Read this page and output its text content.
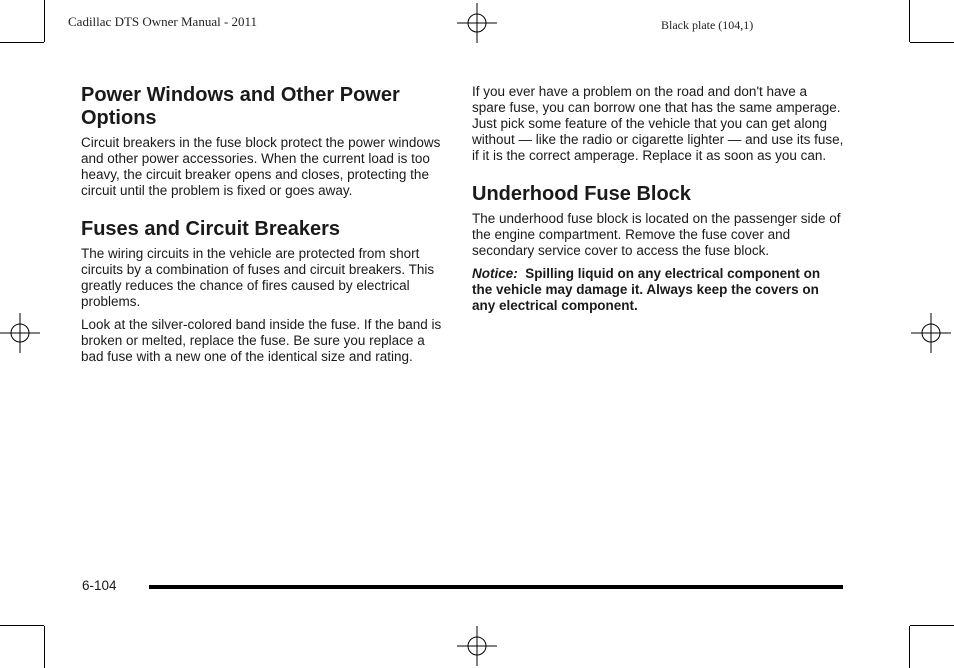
Cadillac DTS Owner Manual - 2011	Black plate (104,1)
Power Windows and Other Power Options

Circuit breakers in the fuse block protect the power windows and other power accessories. When the current load is too heavy, the circuit breaker opens and closes, protecting the circuit until the problem is fixed or goes away.

Fuses and Circuit Breakers

The wiring circuits in the vehicle are protected from short circuits by a combination of fuses and circuit breakers. This greatly reduces the chance of fires caused by electrical problems.

Look at the silver-colored band inside the fuse. If the band is broken or melted, replace the fuse. Be sure you replace a bad fuse with a new one of the identical size and rating.

If you ever have a problem on the road and don't have a spare fuse, you can borrow one that has the same amperage. Just pick some feature of the vehicle that you can get along without — like the radio or cigarette lighter — and use its fuse, if it is the correct amperage. Replace it as soon as you can.

Underhood Fuse Block

The underhood fuse block is located on the passenger side of the engine compartment. Remove the fuse cover and secondary service cover to access the fuse block.

Notice: Spilling liquid on any electrical component on the vehicle may damage it. Always keep the covers on any electrical component.

6-104
